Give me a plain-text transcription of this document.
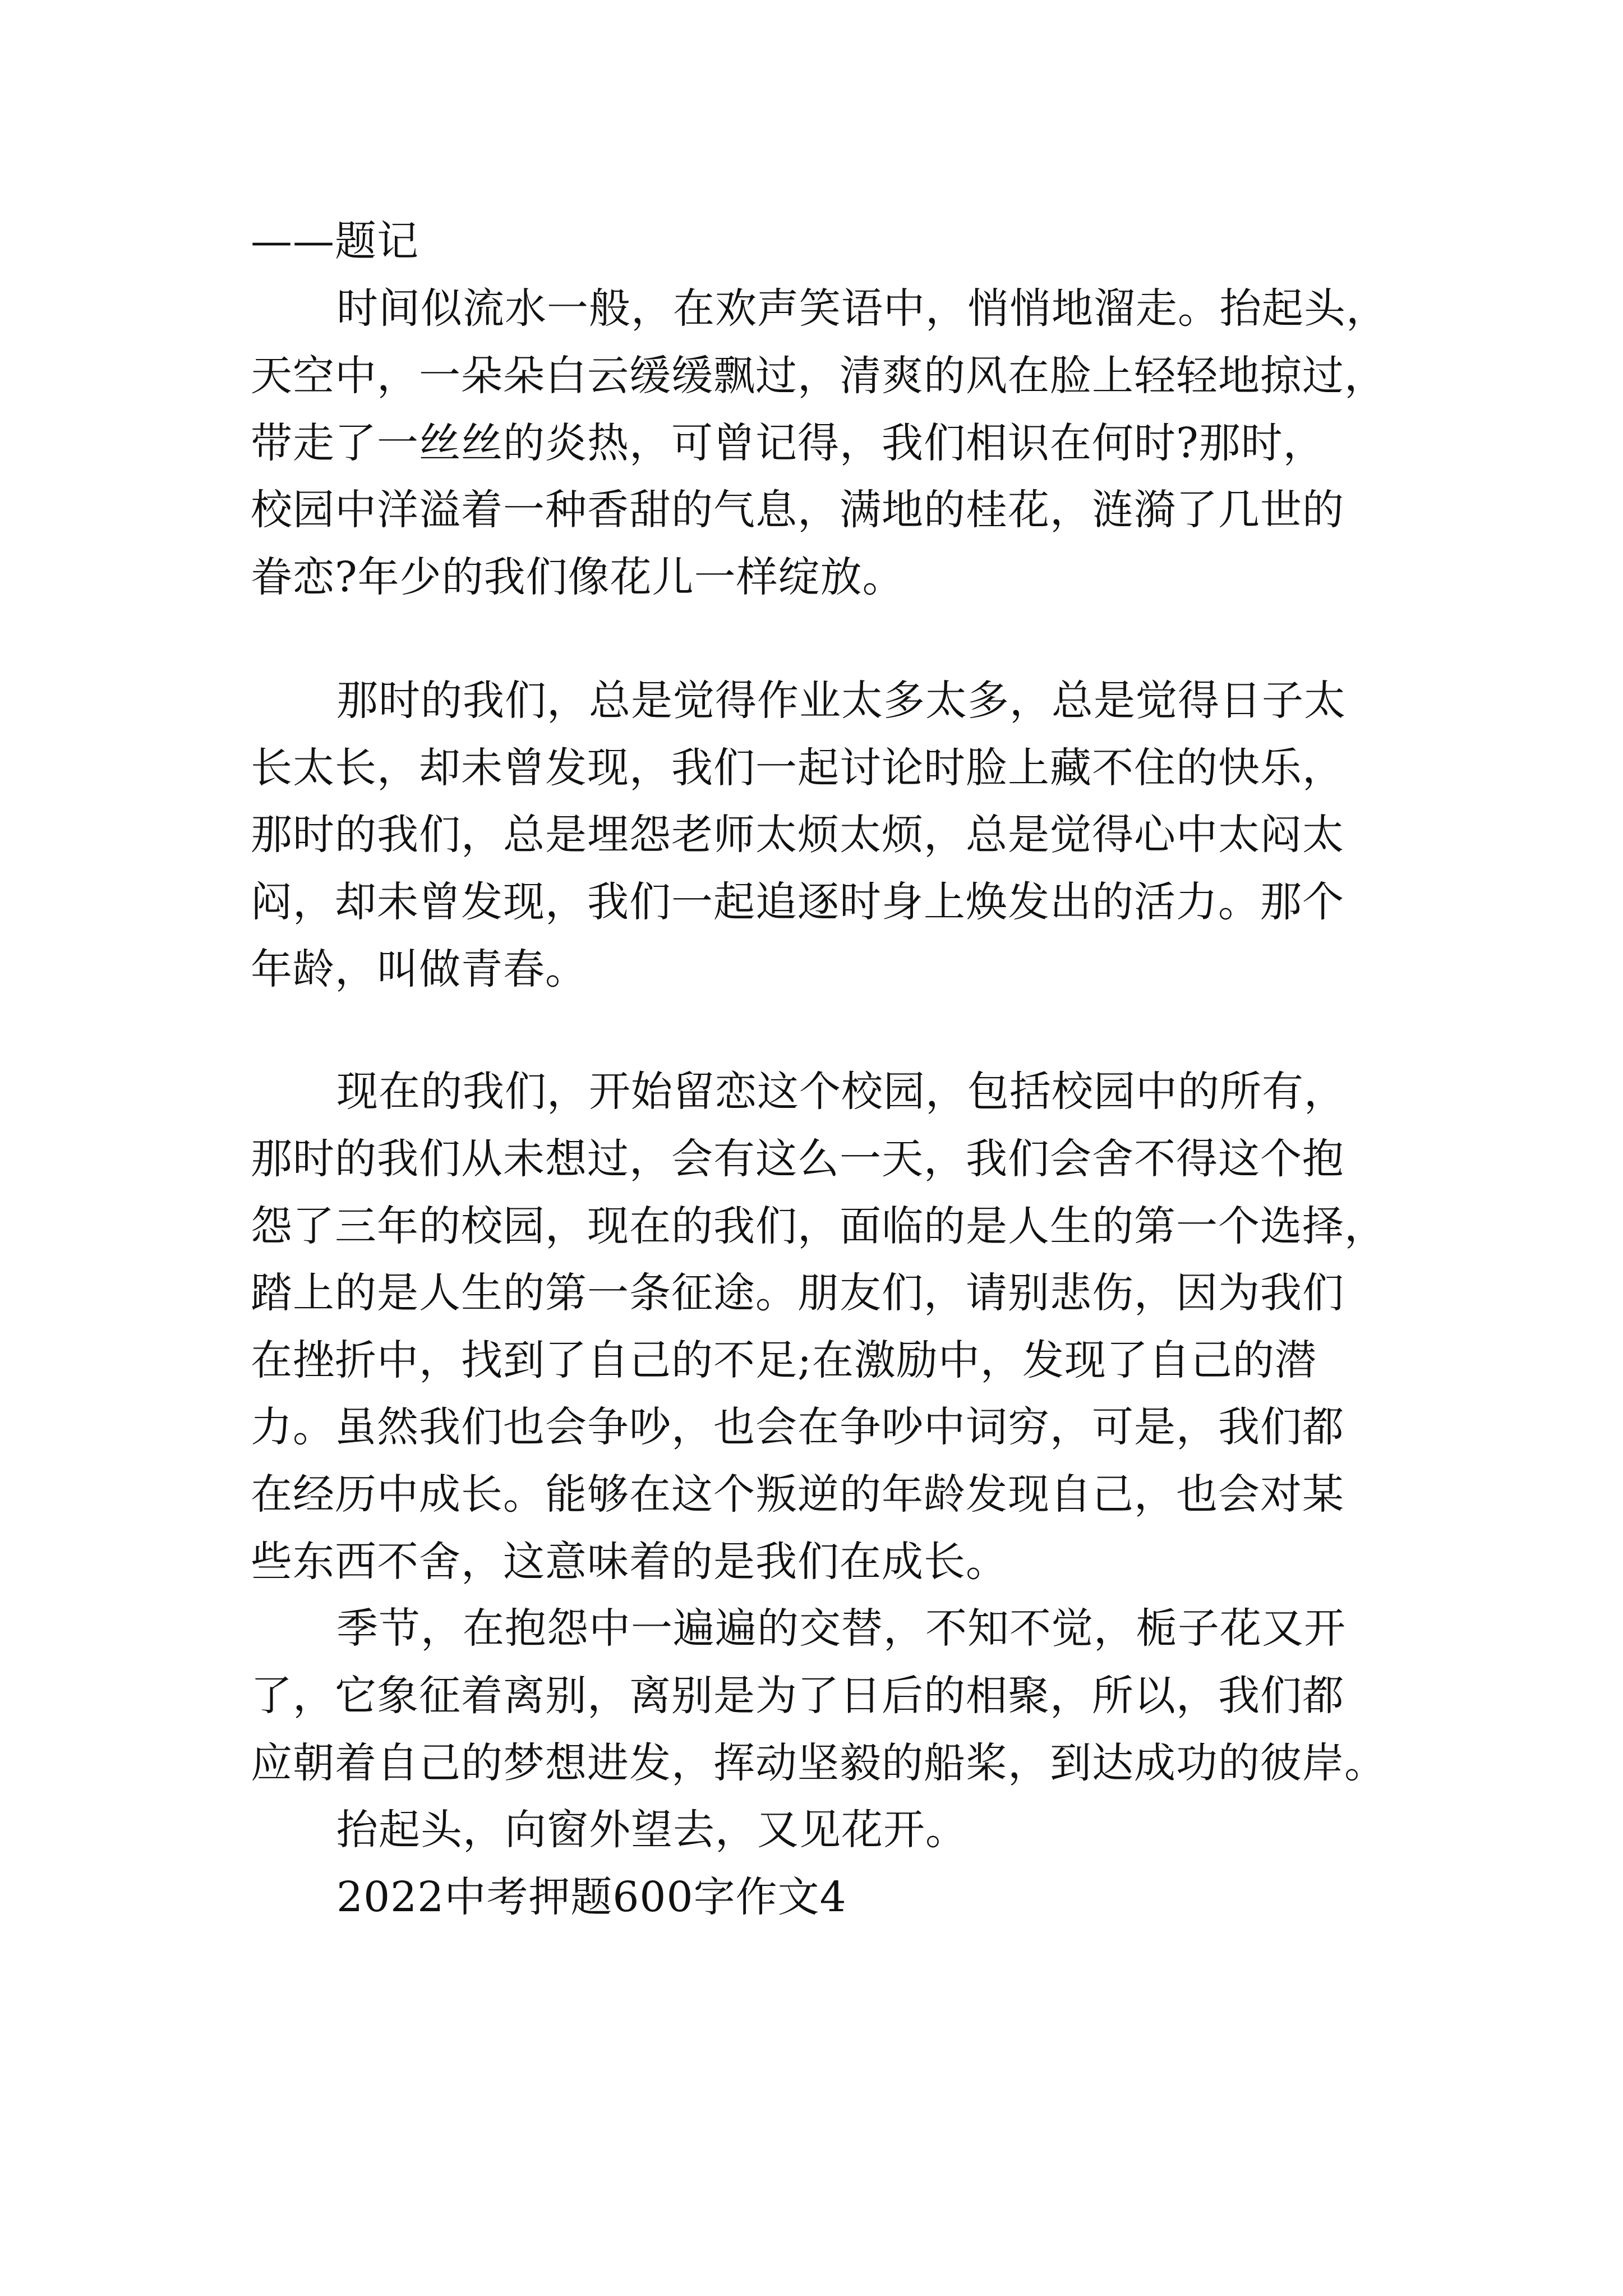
——题记
时间似流水一般，在欢声笑语中，悄悄地溜走。抬起头，
天空中，一朵朵白云缓缓飘过，清爽的风在脸上轻轻地掠过，
带走了一丝丝的炎热，可曾记得，我们相识在何时?那时，
校园中洋溢着一种香甜的气息，满地的桂花，涟漪了几世的
眷恋?年少的我们像花儿一样绽放。
那时的我们，总是觉得作业太多太多，总是觉得日子太
长太长，却未曾发现，我们一起讨论时脸上藏不住的快乐，
那时的我们，总是埋怨老师太烦太烦，总是觉得心中太闷太
闷，却未曾发现，我们一起追逐时身上焕发出的活力。那个
年龄，叫做青春。
现在的我们，开始留恋这个校园，包括校园中的所有，
那时的我们从未想过，会有这么一天，我们会舍不得这个抱
怨了三年的校园，现在的我们，面临的是人生的第一个选择，
踏上的是人生的第一条征途。朋友们，请别悲伤，因为我们
在挫折中，找到了自己的不足;在激励中，发现了自己的潜
力。虽然我们也会争吵，也会在争吵中词穷，可是，我们都
在经历中成长。能够在这个叛逆的年龄发现自己，也会对某
些东西不舍，这意味着的是我们在成长。
季节，在抱怨中一遍遍的交替，不知不觉，栀子花又开
了，它象征着离别，离别是为了日后的相聚，所以，我们都
应朝着自己的梦想进发，挥动坚毅的船桨，到达成功的彼岸。
抬起头，向窗外望去，又见花开。
2022中考押题600字作文4
